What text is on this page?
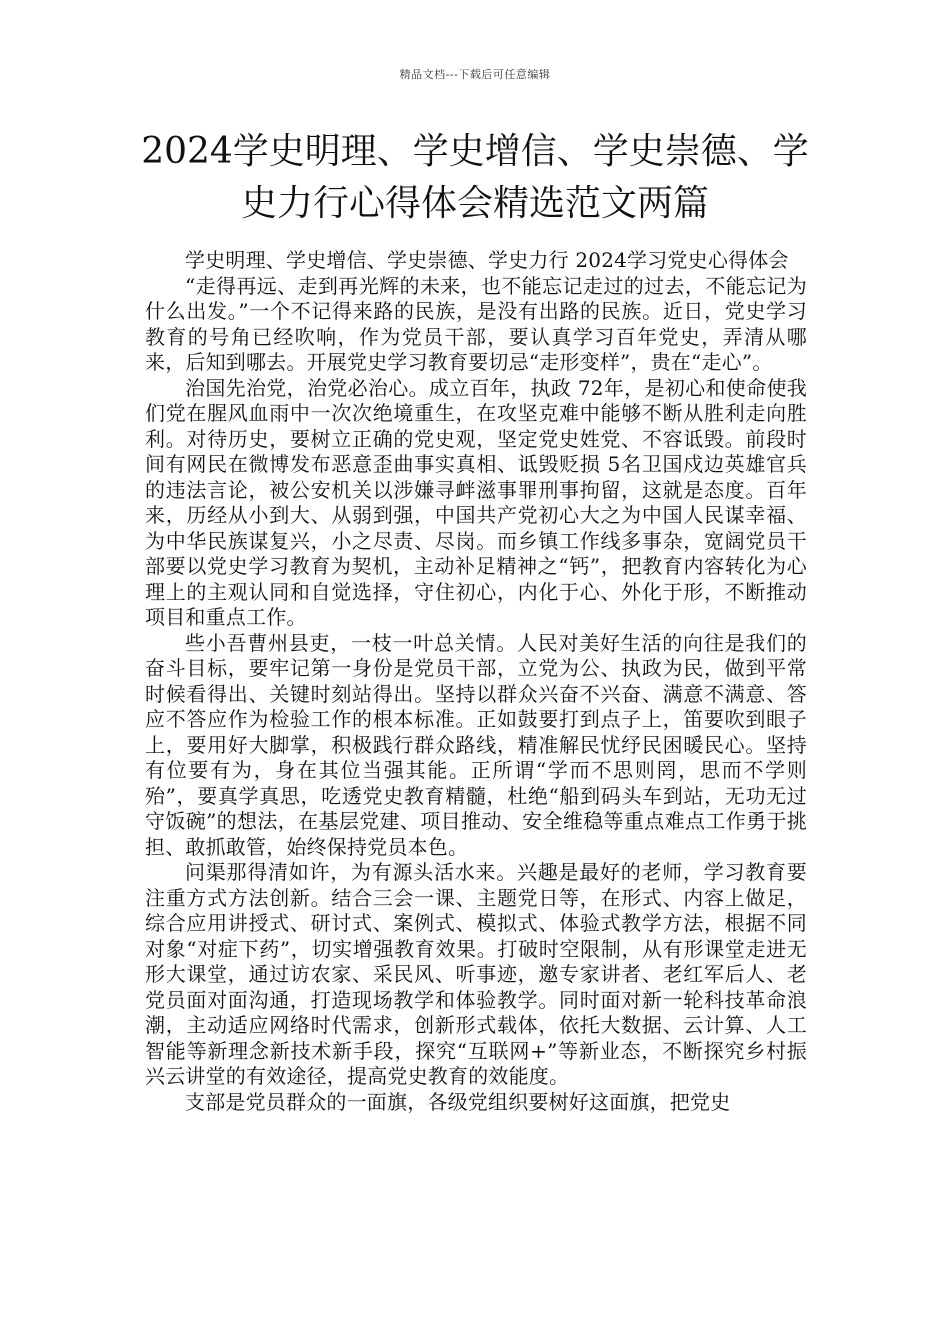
精品文档---下载后可任意编辑
2024学史明理、学史增信、学史崇德、学
史力行心得体会精选范文两篇

学史明理、学史增信、学史崇德、学史力行 2024学习党史心得体会

“走得再远、走到再光辉的未来，也不能忘记走过的过去，不能忘记为什么出发。”一个不记得来路的民族，是没有出路的民族。近日，党史学习教育的号角已经吹响，作为党员干部，要认真学习百年党史，弄清从哪来，后知到哪去。开展党史学习教育要切忌“走形变样”，贵在“走心”。

治国先治党，治党必治心。成立百年，执政 72年，是初心和使命使我们党在腥风血雨中一次次绝境重生，在攻坚克难中能够不断从胜利走向胜利。对待历史，要树立正确的党史观，坚定党史姓党、不容诋毁。前段时间有网民在微博发布恶意歪曲事实真相、诋毁贬损 5名卫国戍边英雄官兵的违法言论，被公安机关以涉嫌寻衅滋事罪刑事拘留，这就是态度。百年来，历经从小到大、从弱到强，中国共产党初心大之为中国人民谋幸福、为中华民族谋复兴，小之尽责、尽岗。而乡镇工作线多事杂，宽阔党员干部要以党史学习教育为契机，主动补足精神之“钙”，把教育内容转化为心理上的主观认同和自觉选择，守住初心，内化于心、外化于形，不断推动项目和重点工作。

些小吾曹州县吏，一枝一叶总关情。人民对美好生活的向往是我们的奋斗目标，要牢记第一身份是党员干部，立党为公、执政为民，做到平常时候看得出、关键时刻站得出。坚持以群众兴奋不兴奋、满意不满意、答应不答应作为检验工作的根本标准。正如鼓要打到点子上，笛要吹到眼子上，要用好大脚掌，积极践行群众路线，精准解民忧纾民困暖民心。坚持有位要有为，身在其位当强其能。正所谓“学而不思则罔，思而不学则殆”，要真学真思，吃透党史教育精髓，杜绝“船到码头车到站，无功无过守饭碗”的想法，在基层党建、项目推动、安全维稳等重点难点工作勇于挑担、敢抓敢管，始终保持党员本色。

问渠那得清如许，为有源头活水来。兴趣是最好的老师，学习教育要注重方式方法创新。结合三会一课、主题党日等，在形式、内容上做足，综合应用讲授式、研讨式、案例式、模拟式、体验式教学方法，根据不同对象“对症下药”，切实增强教育效果。打破时空限制，从有形课堂走进无形大课堂，通过访农家、采民风、听事迹，邀专家讲者、老红军后人、老党员面对面沟通，打造现场教学和体验教学。同时面对新一轮科技革命浪潮，主动适应网络时代需求，创新形式载体，依托大数据、云计算、人工智能等新理念新技术新手段，探究“互联网+”等新业态，不断探究乡村振兴云讲堂的有效途径，提高党史教育的效能度。

支部是党员群众的一面旗，各级党组织要树好这面旗，把党史
